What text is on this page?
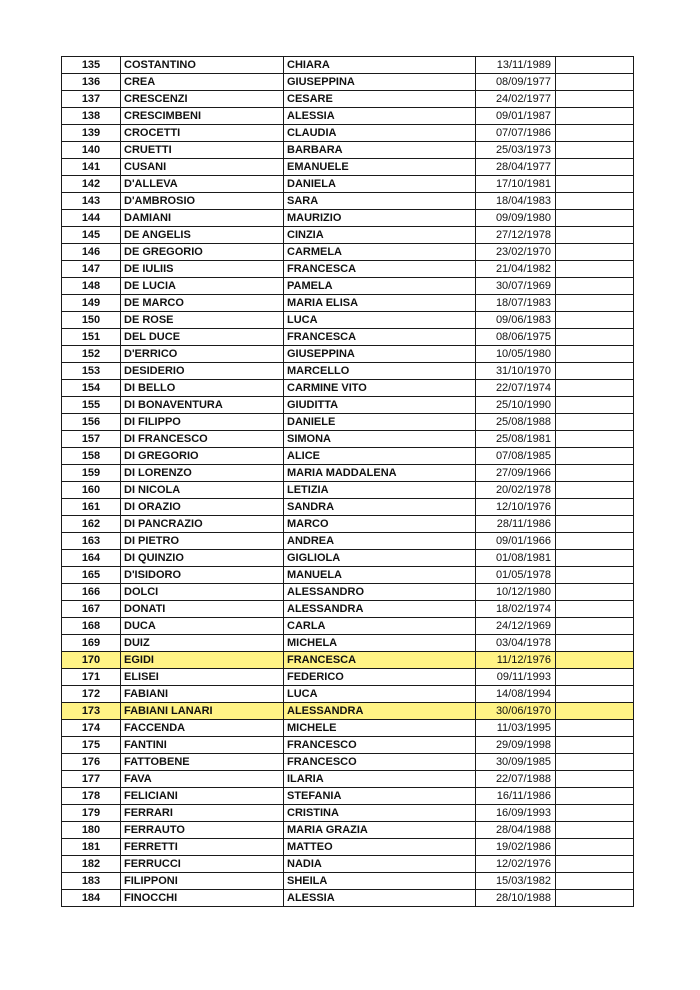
135	COSTANTINO	CHIARA	13/11/1989	
136	CREA	GIUSEPPINA	08/09/1977	
137	CRESCENZI	CESARE	24/02/1977	
138	CRESCIMBENI	ALESSIA	09/01/1987	
139	CROCETTI	CLAUDIA	07/07/1986	
140	CRUETTI	BARBARA	25/03/1973	
141	CUSANI	EMANUELE	28/04/1977	
142	D'ALLEVA	DANIELA	17/10/1981	
143	D'AMBROSIO	SARA	18/04/1983	
144	DAMIANI	MAURIZIO	09/09/1980	
145	DE ANGELIS	CINZIA	27/12/1978	
146	DE GREGORIO	CARMELA	23/02/1970	
147	DE IULIIS	FRANCESCA	21/04/1982	
148	DE LUCIA	PAMELA	30/07/1969	
149	DE MARCO	MARIA ELISA	18/07/1983	
150	DE ROSE	LUCA	09/06/1983	
151	DEL DUCE	FRANCESCA	08/06/1975	
152	D'ERRICO	GIUSEPPINA	10/05/1980	
153	DESIDERIO	MARCELLO	31/10/1970	
154	DI BELLO	CARMINE VITO	22/07/1974	
155	DI BONAVENTURA	GIUDITTA	25/10/1990	
156	DI FILIPPO	DANIELE	25/08/1988	
157	DI FRANCESCO	SIMONA	25/08/1981	
158	DI GREGORIO	ALICE	07/08/1985	
159	DI LORENZO	MARIA MADDALENA	27/09/1966	
160	DI NICOLA	LETIZIA	20/02/1978	
161	DI ORAZIO	SANDRA	12/10/1976	
162	DI PANCRAZIO	MARCO	28/11/1986	
163	DI PIETRO	ANDREA	09/01/1966	
164	DI QUINZIO	GIGLIOLA	01/08/1981	
165	D'ISIDORO	MANUELA	01/05/1978	
166	DOLCI	ALESSANDRO	10/12/1980	
167	DONATI	ALESSANDRA	18/02/1974	
168	DUCA	CARLA	24/12/1969	
169	DUIZ	MICHELA	03/04/1978	
170	EGIDI	FRANCESCA	11/12/1976	
171	ELISEI	FEDERICO	09/11/1993	
172	FABIANI	LUCA	14/08/1994	
173	FABIANI LANARI	ALESSANDRA	30/06/1970	
174	FACCENDA	MICHELE	11/03/1995	
175	FANTINI	FRANCESCO	29/09/1998	
176	FATTOBENE	FRANCESCO	30/09/1985	
177	FAVA	ILARIA	22/07/1988	
178	FELICIANI	STEFANIA	16/11/1986	
179	FERRARI	CRISTINA	16/09/1993	
180	FERRAUTO	MARIA GRAZIA	28/04/1988	
181	FERRETTI	MATTEO	19/02/1986	
182	FERRUCCI	NADIA	12/02/1976	
183	FILIPPONI	SHEILA	15/03/1982	
184	FINOCCHI	ALESSIA	28/10/1988	
